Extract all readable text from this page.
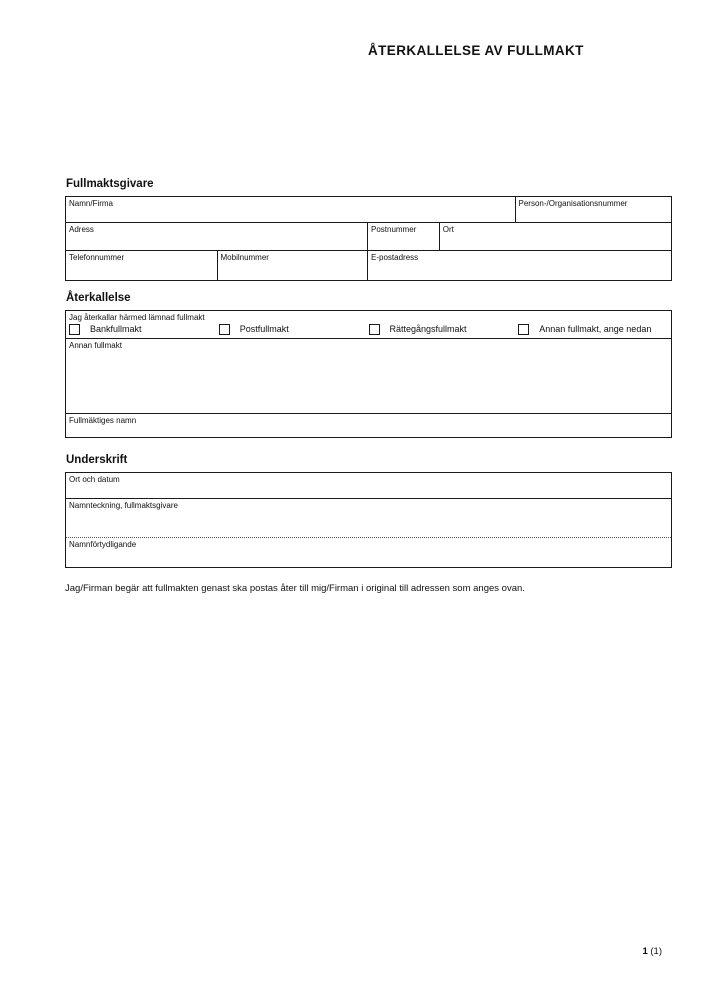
ÅTERKALLELSE AV FULLMAKT
Fullmaktsgivare
Namn/Firma	Person-/Organisationsnummer
Adress	Postnummer	Ort
Telefonnummer	Mobilnummer	E-postadress
Återkallelse
Jag återkallar härmed lämnad fullmakt
Bankfullmakt	Postfullmakt	Rättegångsfullmakt	Annan fullmakt, ange nedan
Annan fullmakt
Fullmäktiges namn
Underskrift
Ort och datum
Namnteckning, fullmaktsgivare
Namnförtydligande
Jag/Firman begär att fullmakten genast ska postas åter till mig/Firman i original till adressen som anges ovan.
1 (1)
